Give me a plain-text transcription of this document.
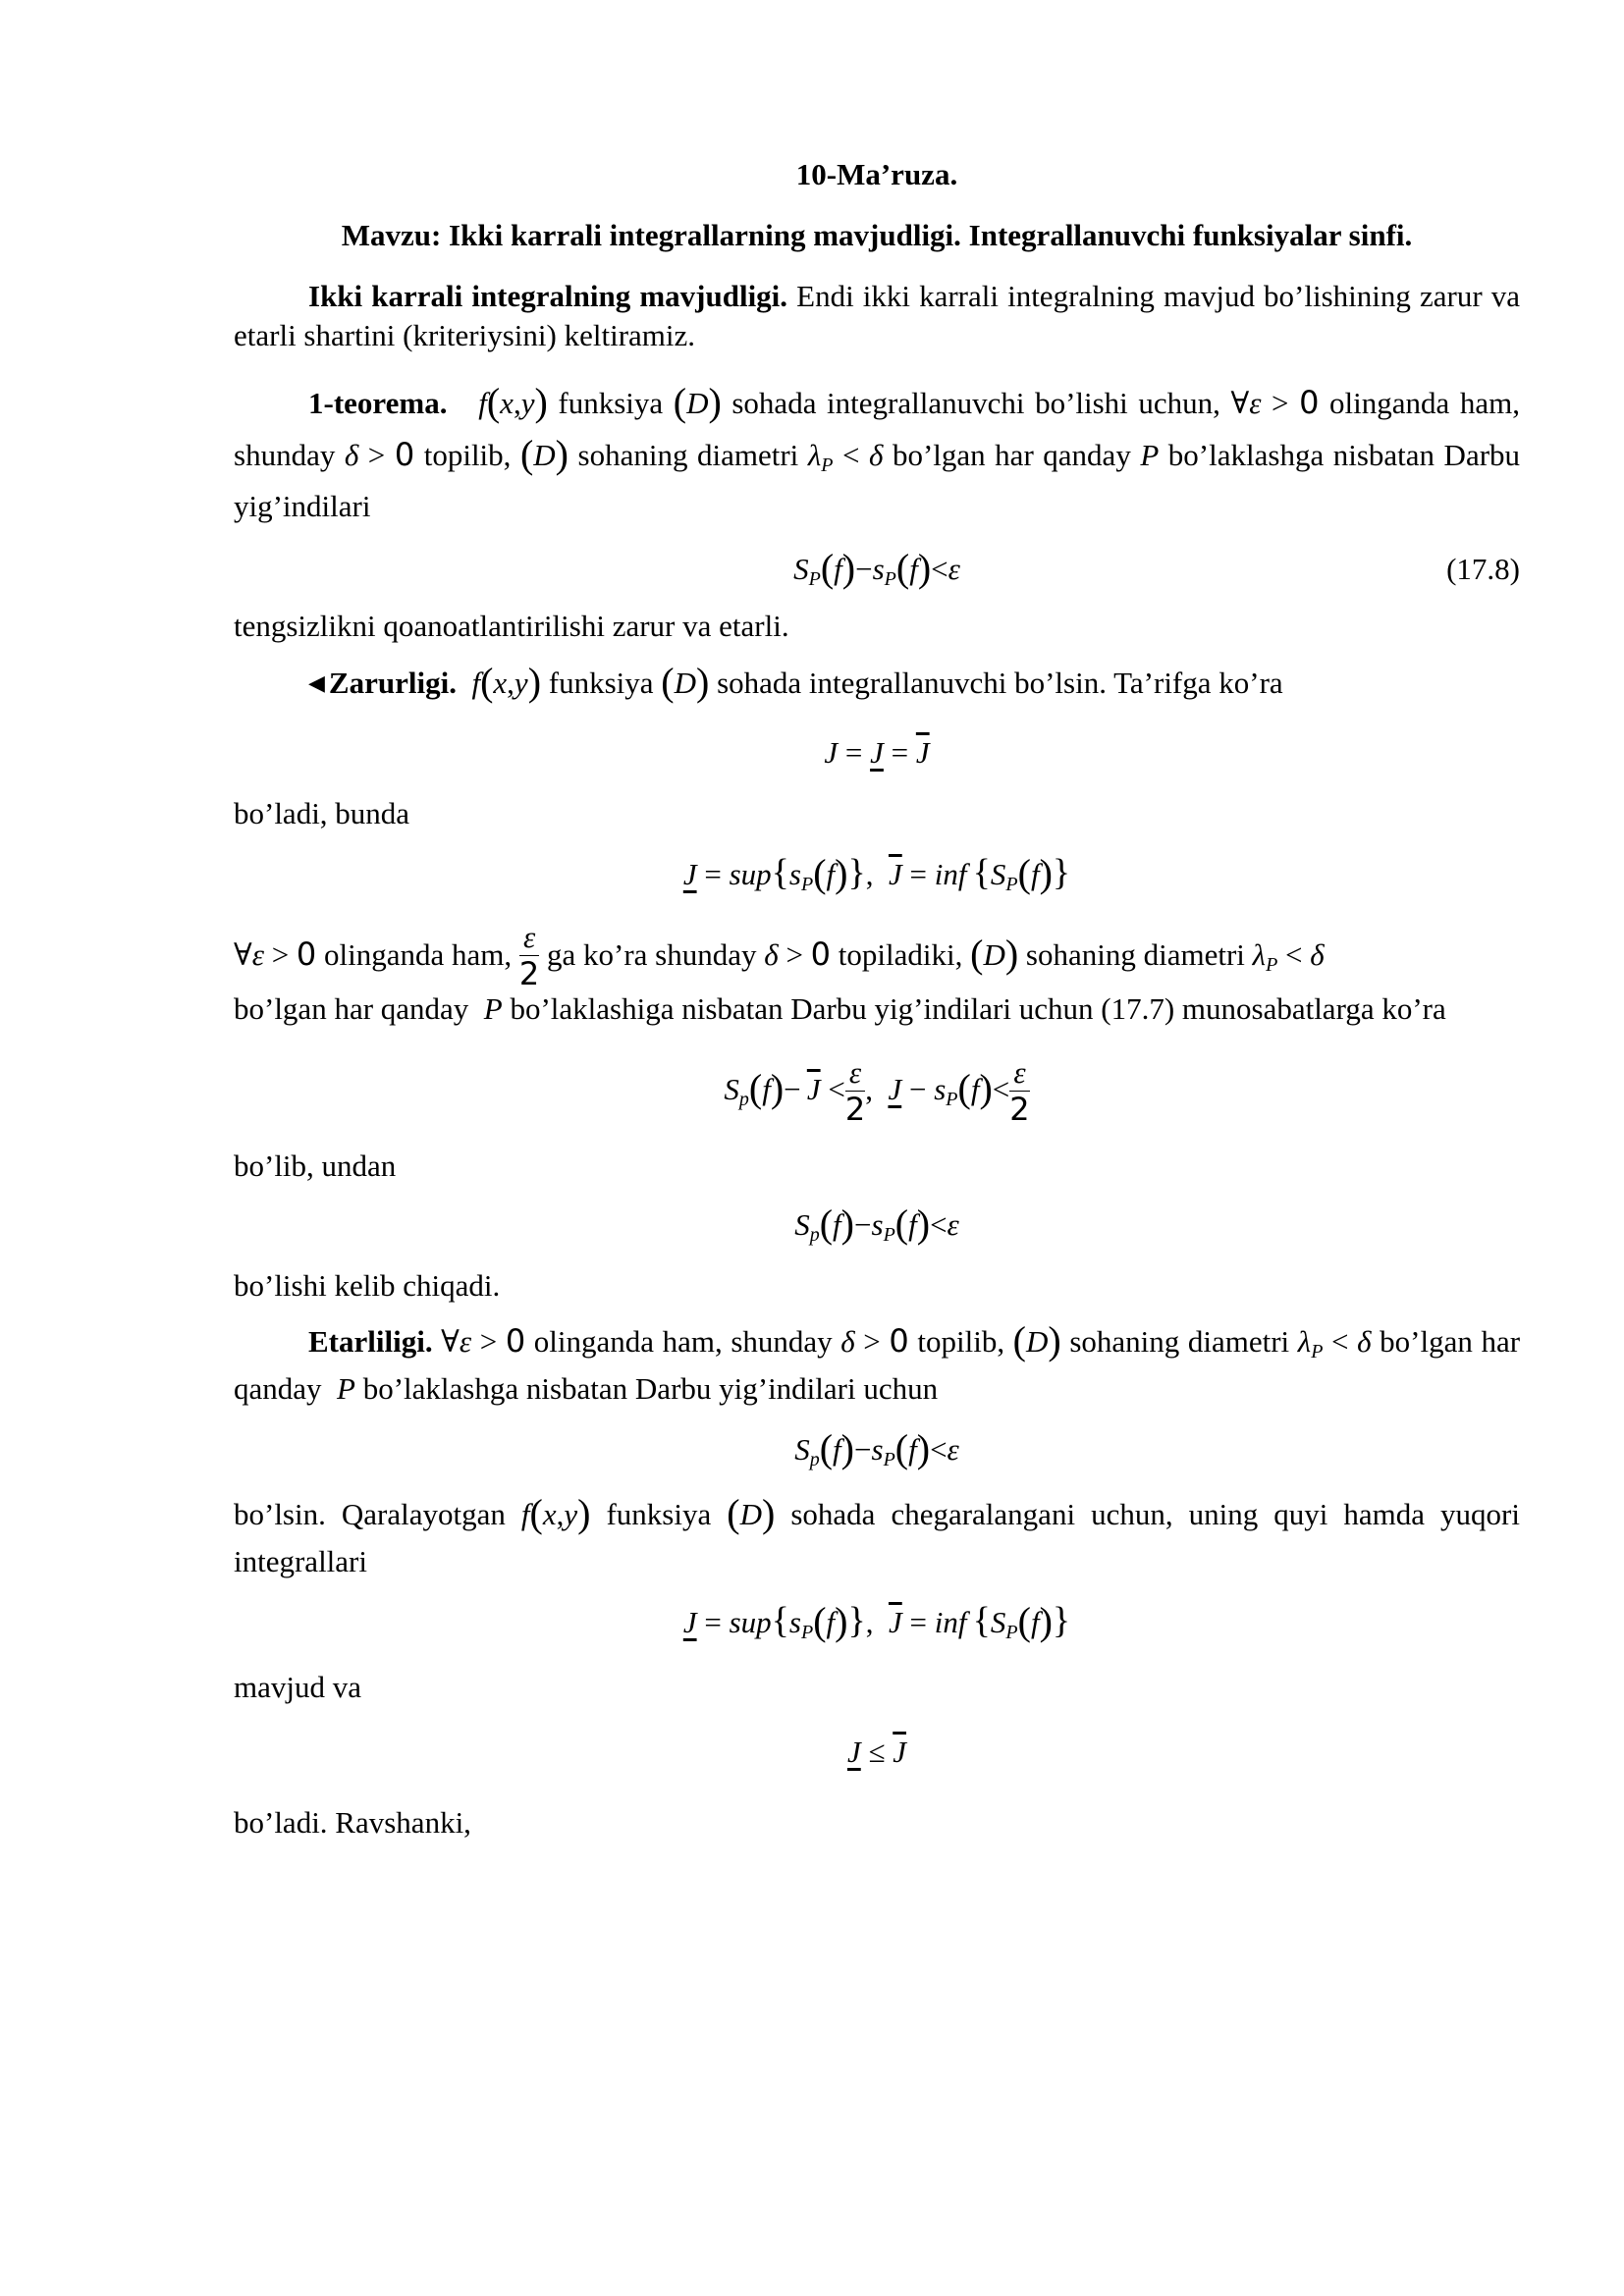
10-Ma’ruza.

Mavzu: Ikki karrali integrallarning mavjudligi. Integrallanuvchi funksiyalar sinfi.

Ikki karrali integralning mavjudligi. Endi ikki karrali integralning mavjud bo’lishining zarur va etarli shartini (kriteriysini) keltiramiz.

1-teorema. f(x,y) funksiya (D) sohada integrallanuvchi bo’lishi uchun, ∀ε > 0 olinganda ham, shunday δ > 0 topilib, (D) sohaning diametri $\lambda_P < \delta$ bo’lgan har qanday P bo’laklashga nisbatan Darbu yig’indilari

$S_P(f)-s_P(f)<\varepsilon$	(17.8)

tengsizlikni qoanoatlantirilishi zarur va etarli.

◀ Zarurligi. f(x,y) funksiya (D) sohada integrallanuvchi bo’lsin. Ta’rifga ko’ra

$J = J = \overline{J}$

bo’ladi, bunda

$J = sup\{s_P(f)\}$,  $\overline{J}$ = inf  $\{S_P(f)\}$

∀ε > 0 olinganda ham, $\frac{\varepsilon}{2}$ ga ko’ra shunday δ > 0 topiladiki, (D) sohaning diametri $\lambda_P < \delta$

bo’lgan har qanday  P bo’laklashiga nisbatan Darbu yig’indilari uchun (17.7) munosabatlarga ko’ra

$S_p(f)- \overline{J} < \frac{\varepsilon}{2}$ ,  $J - s_P(f)< \frac{\varepsilon}{2}$

bo’lib, undan

$S_p(f)-s_P(f)<\varepsilon$

bo’lishi kelib chiqadi.

Etarliligi. ∀ε > 0 olinganda ham, shunday δ > 0 topilib, (D) sohaning diametri $\lambda_P < \delta$ bo’lgan har qanday  P bo’laklashga nisbatan Darbu yig’indilari uchun

$S_p(f)-s_P(f)<\varepsilon$

bo’lsin. Qaralayotgan f(x,y) funksiya (D) sohada chegaralangani uchun, uning quyi hamda yuqori integrallari

$J = sup\{s_P(f)\}$,  $\overline{J}$ = inf  $\{S_P(f)\}$

mavjud va

$J \le \overline{J}$

bo’ladi. Ravshanki,
